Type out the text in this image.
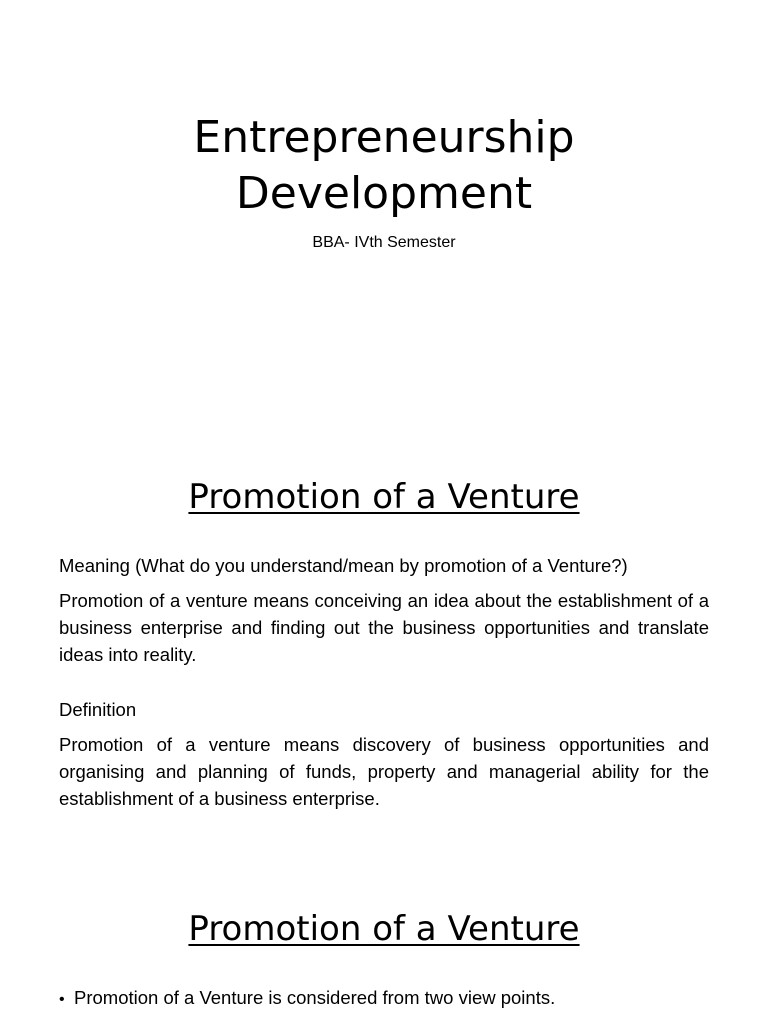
Entrepreneurship
Development

BBA- IVth Semester

Promotion of a Venture

Meaning (What do you understand/mean by promotion of a Venture?)

Promotion of a venture means conceiving an idea about the establishment of a business enterprise and finding out the business opportunities and translate ideas into reality.

Definition

Promotion of a venture means discovery of business opportunities and organising and planning of funds, property and managerial ability for the establishment of a business enterprise.

Promotion of a Venture
• Promotion of a Venture is considered from two view points.
